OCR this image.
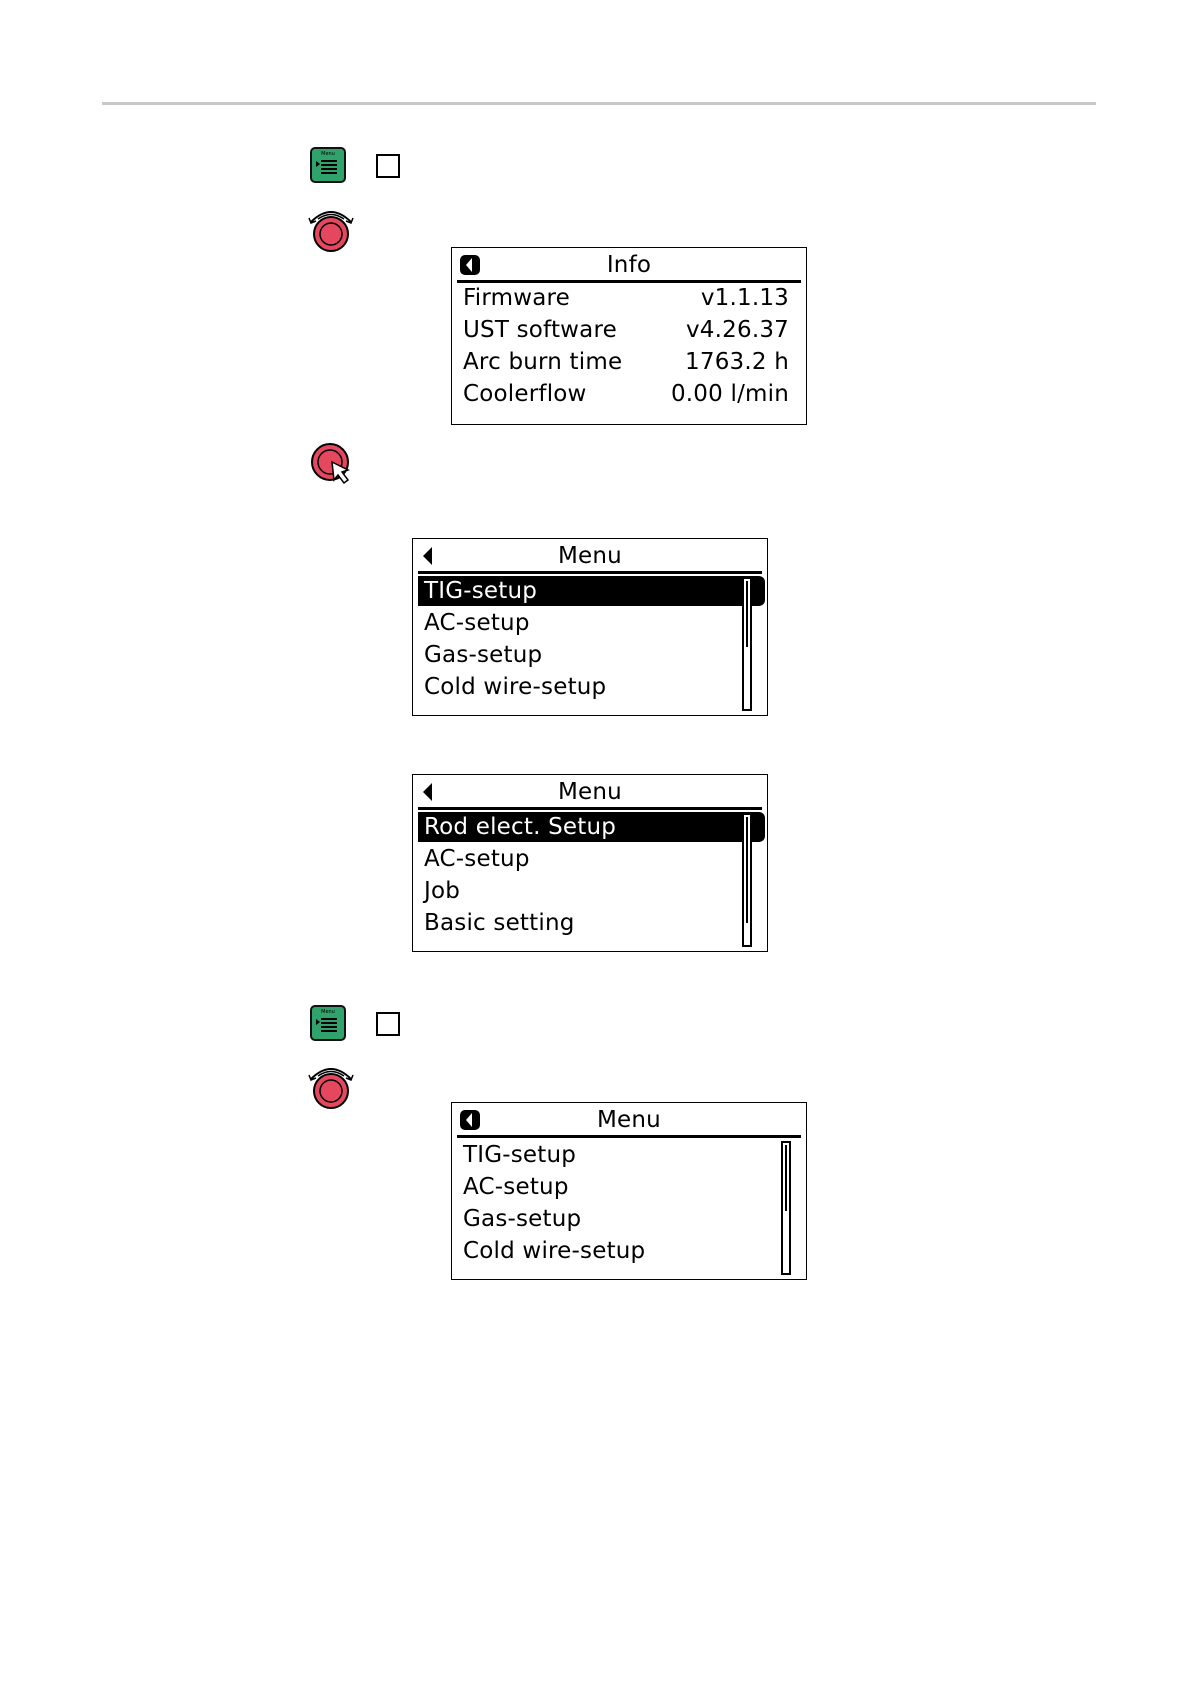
Menu
Info
Firmware	v1.1.13
UST software	v4.26.37
Arc burn time	1763.2 h
Coolerflow	0.00 l/min
Menu
TIG-setup
AC-setup
Gas-setup
Cold wire-setup
Menu
Rod elect. Setup
AC-setup
Job
Basic setting
Menu
Menu
TIG-setup
AC-setup
Gas-setup
Cold wire-setup
